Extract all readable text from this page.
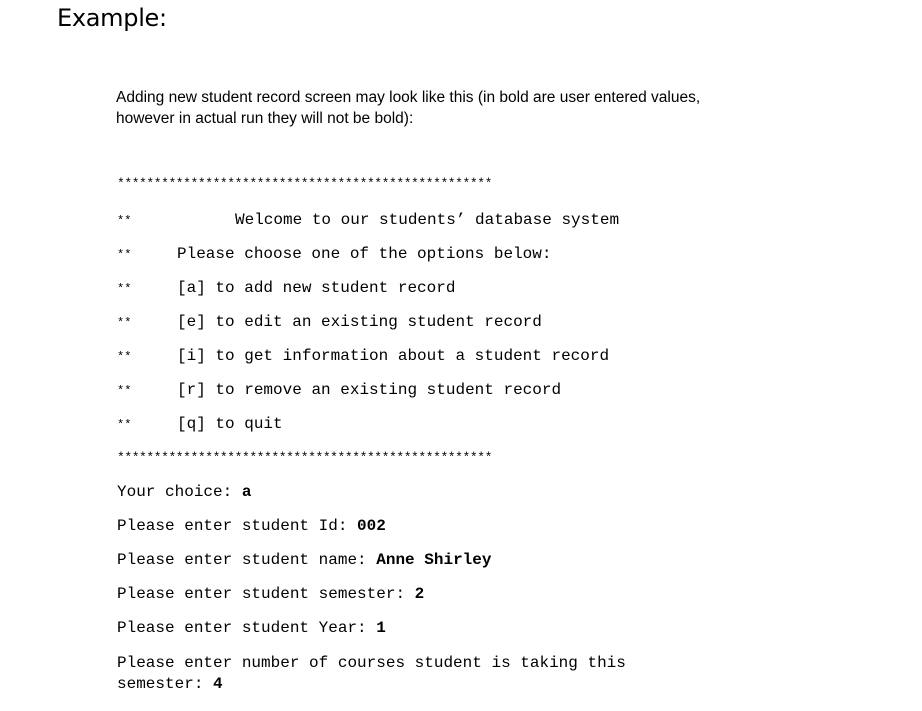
Example:

Adding new student record screen may look like this (in bold are user entered values,

however in actual run they will not be bold):

***************************************************
**	Welcome to our students’ database system
**	Please choose one of the options below:
**	[a] to add new student record
**	[e] to edit an existing student record
**	[i] to get information about a student record
**	[r] to remove an existing student record
**	[q] to quit
***************************************************
Your choice: a
Please enter student Id: 002
Please enter student name: Anne Shirley
Please enter student semester: 2
Please enter student Year: 1
Please enter number of courses student is taking this semester: 4
